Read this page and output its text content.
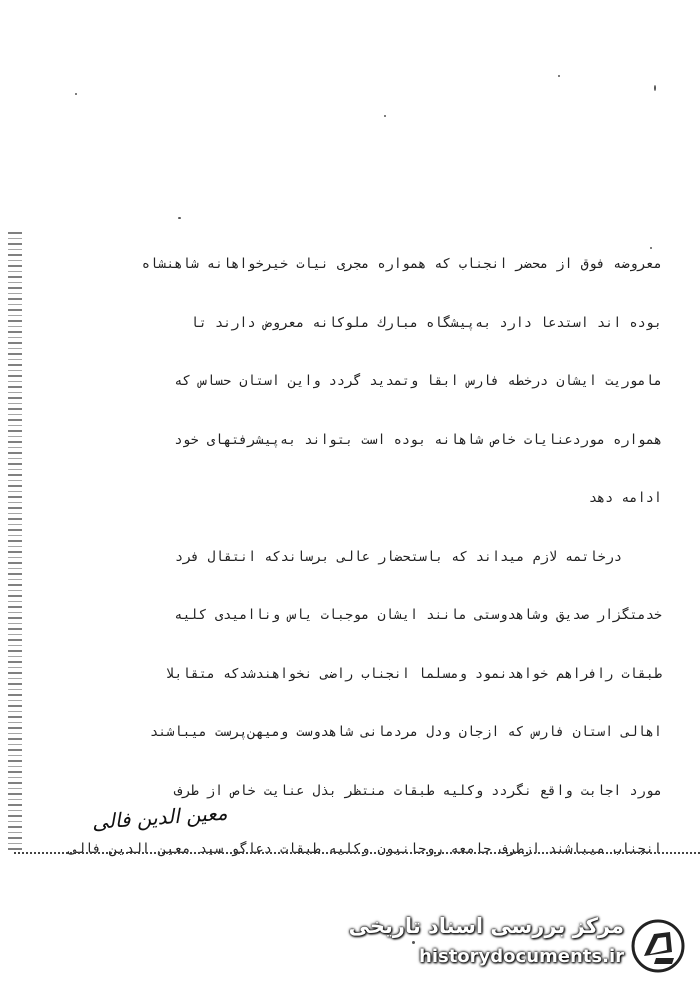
معروضه فوق از محضر انجناب كه همواره مجرى نيات خيرخواهانه شاهنشاه
بوده اند استدعا دارد به‌پيشگاه مبارك ملوكانه معروض دارند تا
ماموريت ايشان درخطه فارس ابقا وتمديد گردد واين استان حساس كه
همواره موردعنايات خاص شاهانه بوده است بتواند به‌پيشرفتهاى خود
ادامه دهد
درخاتمه لازم ميداند كه باستحضار عالى برساندكه انتقال فرد
خدمتگزار صديق وشاهدوستى مانند ايشان موجبات ياس وناامیدى كليه
طبقات رافراهم خواهدنمود ومسلما انجناب راضى نخواهندشدكه متقابلا
اهالى استان فارس كه ازجان ودل مردمانى شاهدوست وميهن‌پرست ميباشند
مورد اجابت واقع نگردد وكليه طبقات منتظر بذل عنايت خاص از طرف
انجناب ميباشند ازطرف جامعه روحانيون وكليه طبقات دعاگو سيد معين الدين فالى
معين الدين فالى
مرکز بررسی اسناد تاریخی
historydocuments.ir
